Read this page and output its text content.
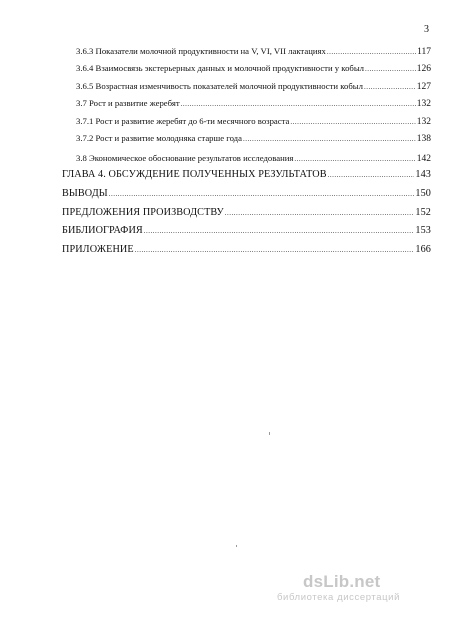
3
3.6.3 Показатели молочной продуктивности на V, VI, VII лактациях .....	117
3.6.4 Взаимосвязь экстерьерных данных и молочной продуктивности у кобыл .....	126
3.6.5 Возрастная изменчивость показателей молочной продуктивности кобыл .....	127
3.7 Рост и развитие жеребят .....	132
3.7.1 Рост и развитие жеребят до 6-ти месячного возраста .....	132
3.7.2 Рост и развитие молодняка старше года .....	138
3.8 Экономическое обоснование результатов исследования .....	142
ГЛАВА 4. ОБСУЖДЕНИЕ ПОЛУЧЕННЫХ РЕЗУЛЬТАТОВ .....	143
ВЫВОДЫ .....	150
ПРЕДЛОЖЕНИЯ ПРОИЗВОДСТВУ .....	152
БИБЛИОГРАФИЯ .....	153
ПРИЛОЖЕНИЕ .....	166
dsLib.net
библиотека диссертаций
